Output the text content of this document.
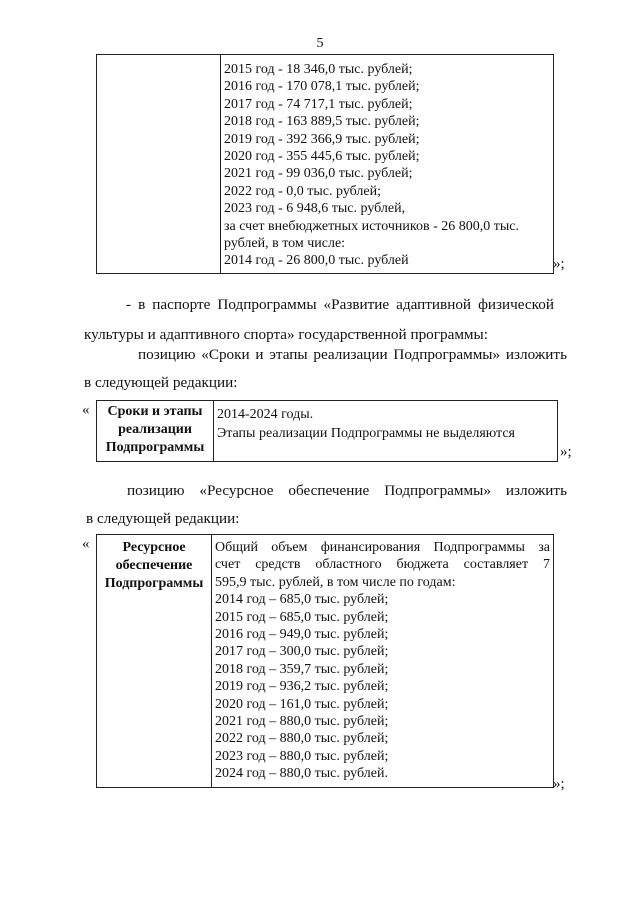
5

2015 год - 18 346,0 тыс. рублей;
2016 год - 170 078,1 тыс. рублей;
2017 год - 74 717,1 тыс. рублей;
2018 год - 163 889,5 тыс. рублей;
2019 год - 392 366,9 тыс. рублей;
2020 год - 355 445,6 тыс. рублей;
2021 год - 99 036,0 тыс. рублей;
2022 год - 0,0 тыс. рублей;
2023 год - 6 948,6 тыс. рублей,
за счет внебюджетных источников - 26 800,0 тыс.
рублей, в том числе:
2014 год - 26 800,0 тыс. рублей	»;
- в паспорте Подпрограммы «Развитие адаптивной физической
культуры и адаптивного спорта» государственной программы:
позицию «Сроки и этапы реализации Подпрограммы» изложить
в следующей редакции:
«	Сроки и этапы
реализации
Подпрограммы

2014-2024 годы.
Этапы реализации Подпрограммы не выделяются
»;
позицию «Ресурсное обеспечение Подпрограммы» изложить
в следующей редакции:
«	Ресурсное
обеспечение
Подпрограммы

Общий объем финансирования Подпрограммы за
счет средств областного бюджета составляет 7
595,9 тыс. рублей, в том числе по годам:
2014 год – 685,0 тыс. рублей;
2015 год – 685,0 тыс. рублей;
2016 год – 949,0 тыс. рублей;
2017 год – 300,0 тыс. рублей;
2018 год – 359,7 тыс. рублей;
2019 год – 936,2 тыс. рублей;
2020 год – 161,0 тыс. рублей;
2021 год – 880,0 тыс. рублей;
2022 год – 880,0 тыс. рублей;
2023 год – 880,0 тыс. рублей;
2024 год – 880,0 тыс. рублей.
»;
